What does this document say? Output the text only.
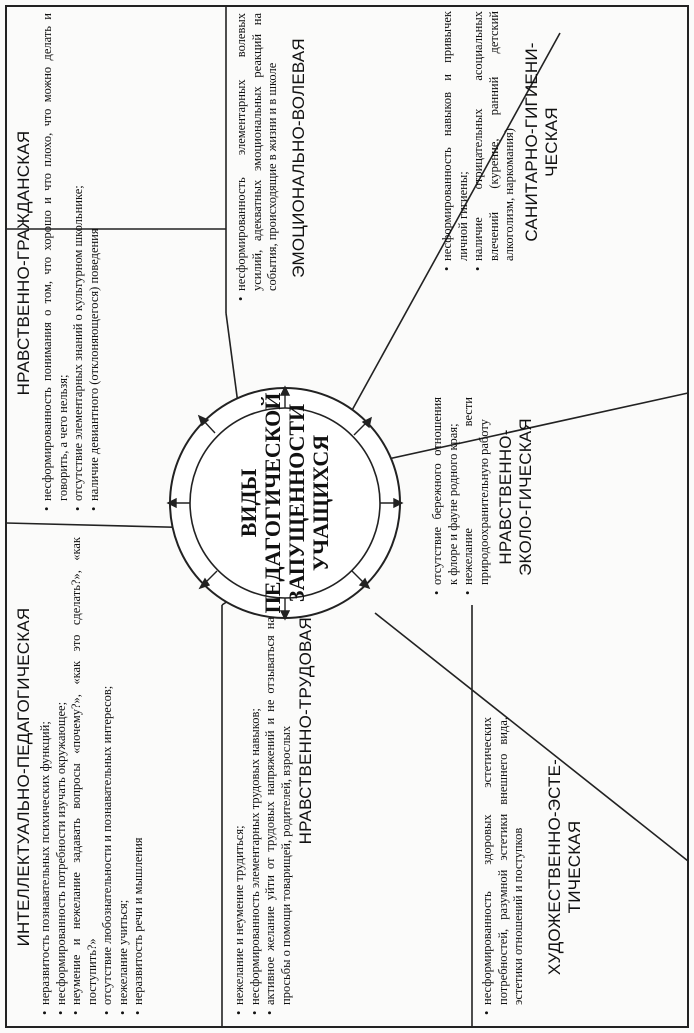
ВИДЫ ПЕДАГОГИЧЕСКОЙ ЗАПУЩЕННОСТИ УЧАЩИХСЯ
ИНТЕЛЛЕКТУАЛЬНО-ПЕДАГОГИЧЕСКАЯ • неразвитость познавательных психических функций; • несформированность потребности изучать окружающее; • неумение и нежелание задавать вопросы «почему?», «как это сделать?», «как поступить?» • отсутствие любознательности и познавательных интересов; • нежелание учиться; • неразвитость речи и мышления
НРАВСТВЕННО-ГРАЖДАНСКАЯ • несформированность понимания о том, что хорошо и что плохо, что можно делать и говорить, а чего нельзя; • отсутствие элементарных знаний о культурном школьнике; • наличие девиантного (отклоняющегося) поведения
• несформированность элементарных волевых усилий, адекватных эмоциональных реакций на события, происходящие в жизни и в школе ЭМОЦИОНАЛЬНО-ВОЛЕВАЯ	• несформированность навыков и привычек личной гигиены; • наличие отрицательных асоциальных влечений (курение, ранний детский алкоголизм, наркомания) САНИТАРНО-ГИГИЕНИ-ЧЕСКАЯ
• отсутствие бережного отношения к флоре и фауне родного края; • нежелание вести природоохранительную работу НРАВСТВЕННО-ЭКОЛО-ГИЧЕСКАЯ
• несформированность здоровых эстетических потребностей, разумной эстетики внешнего вида, эстетики отношений и поступков ХУДОЖЕСТВЕННО-ЭСТЕ-ТИЧЕСКАЯ
• нежелание и неумение трудиться; • несформированность элементарных трудовых навыков; • активное желание уйти от трудовых напряжений и не отзываться на просьбы о помощи товарищей, родителей, взрослых НРАВСТВЕННО-ТРУДОВАЯ
